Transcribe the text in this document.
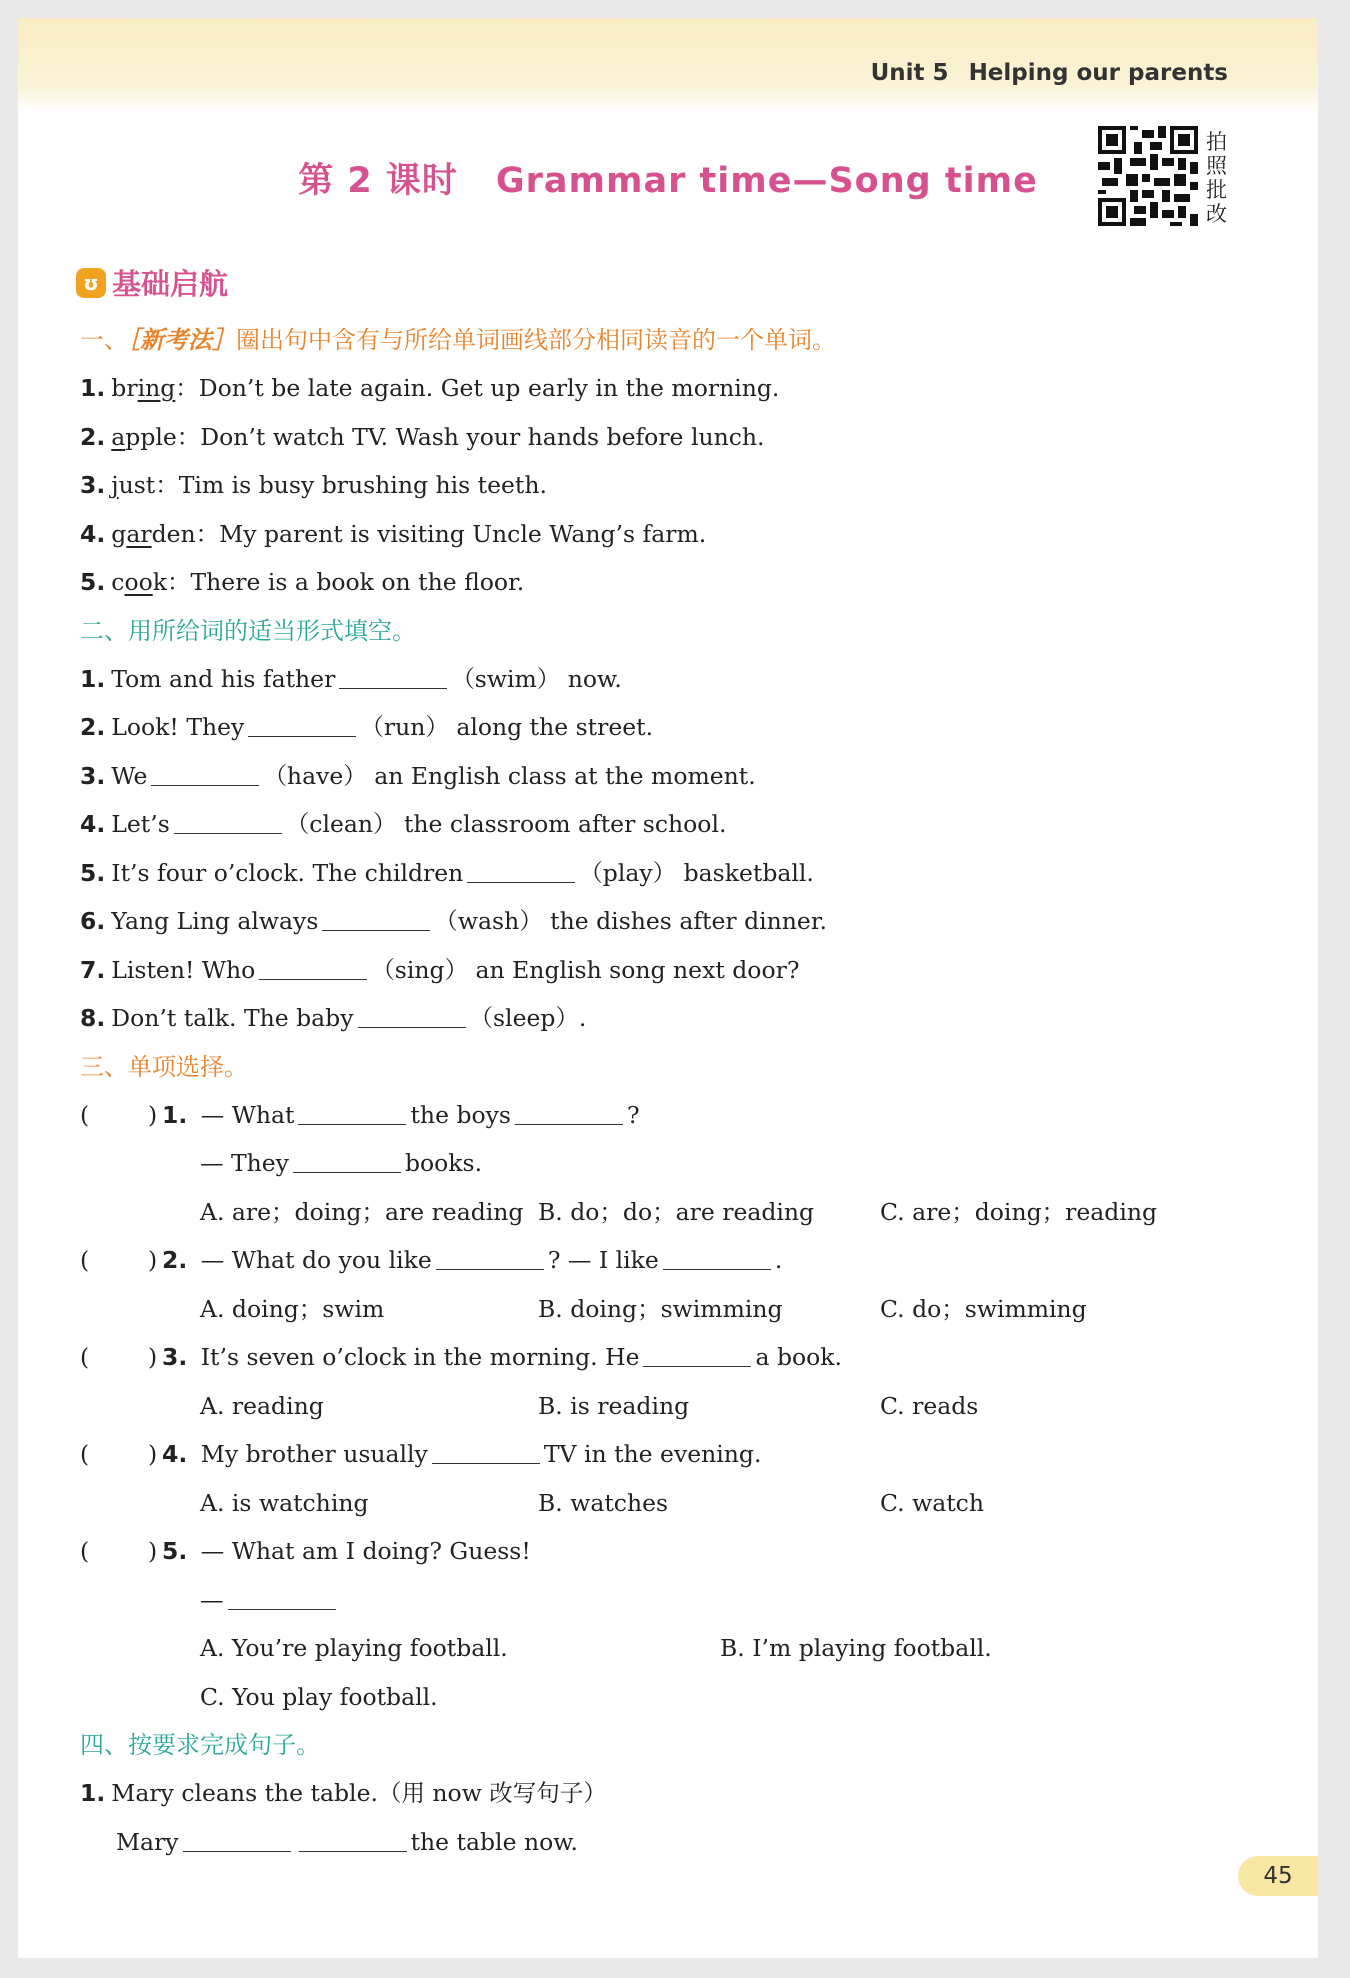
Unit 5 Helping our parents
第 2 课时 Grammar time—Song time
拍照批改
ʊ 基础启航
一、［新考法］圈出句中含有与所给单词画线部分相同读音的一个单词。
1. bring：Don’t be late again. Get up early in the morning.
2. apple：Don’t watch TV. Wash your hands before lunch.
3. just：Tim is busy brushing his teeth.
4. garden：My parent is visiting Uncle Wang’s farm.
5. cook：There is a book on the floor.
二、用所给词的适当形式填空。
1. Tom and his father	（swim） now.
2. Look! They	（run） along the street.
3. We	（have） an English class at the moment.
4. Let’s	（clean） the classroom after school.
5. It’s four o’clock. The children	（play） basketball.
6. Yang Ling always	（wash） the dishes after dinner.
7. Listen! Who	（sing） an English song next door?
8. Don’t talk. The baby	（sleep）.
三、单项选择。
(	) 1. — What	the boys	?
— They	books.
A. are；doing；are reading B. do；do；are reading	C. are；doing；reading
(	) 2. — What do you like	? — I like	.
A. doing；swim	B. doing；swimming	C. do；swimming
(	) 3. It’s seven o’clock in the morning. He	a book.
A. reading	B. is reading	C. reads
(	) 4. My brother usually	TV in the evening.
A. is watching	B. watches	C. watch
(	) 5. — What am I doing? Guess!
—
A. You’re playing football.	B. I’m playing football.
C. You play football.
四、按要求完成句子。
1. Mary cleans the table.（用 now 改写句子）
Mary	the table now.
45
